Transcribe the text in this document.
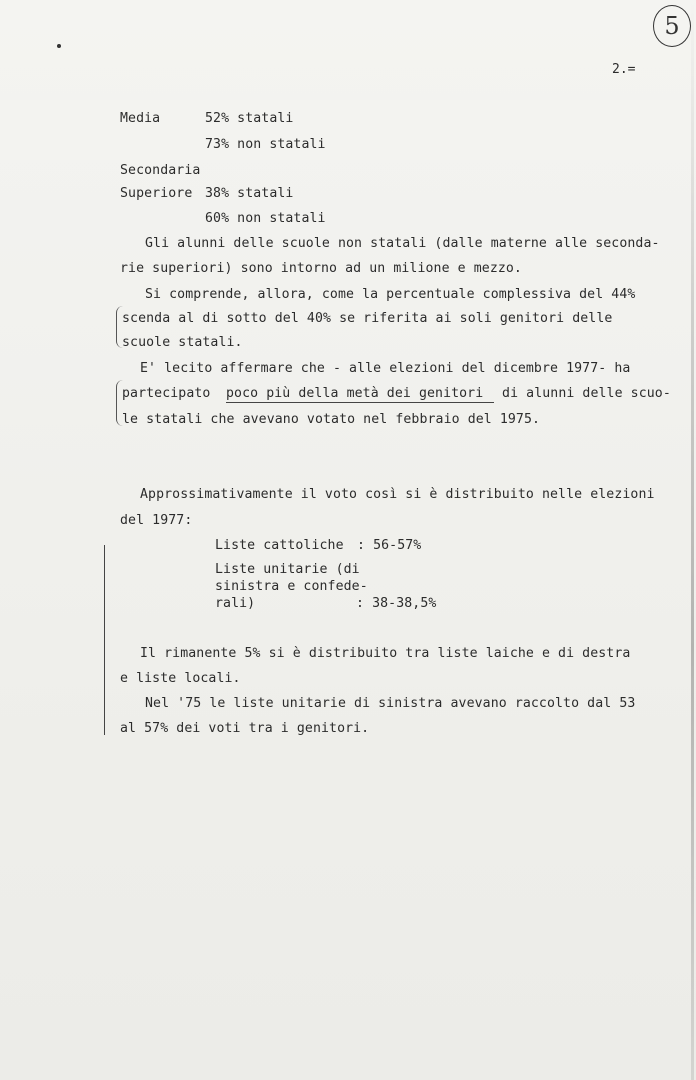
5
2.=
Media	52% statali
73% non statali
Secondaria
Superiore 38% statali
60% non statali
Gli alunni delle scuole non statali (dalle materne alle seconda-
rie superiori) sono intorno ad un milione e mezzo.
Si comprende, allora, come la percentuale complessiva del 44%
scenda al di sotto del 40% se riferita ai soli genitori delle
scuole statali.
E' lecito affermare che - alle elezioni del dicembre 1977- ha
partecipato poco più della metà dei genitori di alunni delle scuo-
le statali che avevano votato nel febbraio del 1975.
Approssimativamente il voto così si è distribuito nelle elezioni
del 1977:
Liste cattoliche : 56-57%
Liste unitarie (di
sinistra e confede-
rali)	: 38-38,5%
Il rimanente 5% si è distribuito tra liste laiche e di destra
e liste locali.
Nel '75 le liste unitarie di sinistra avevano raccolto dal 53
al 57% dei voti tra i genitori.
